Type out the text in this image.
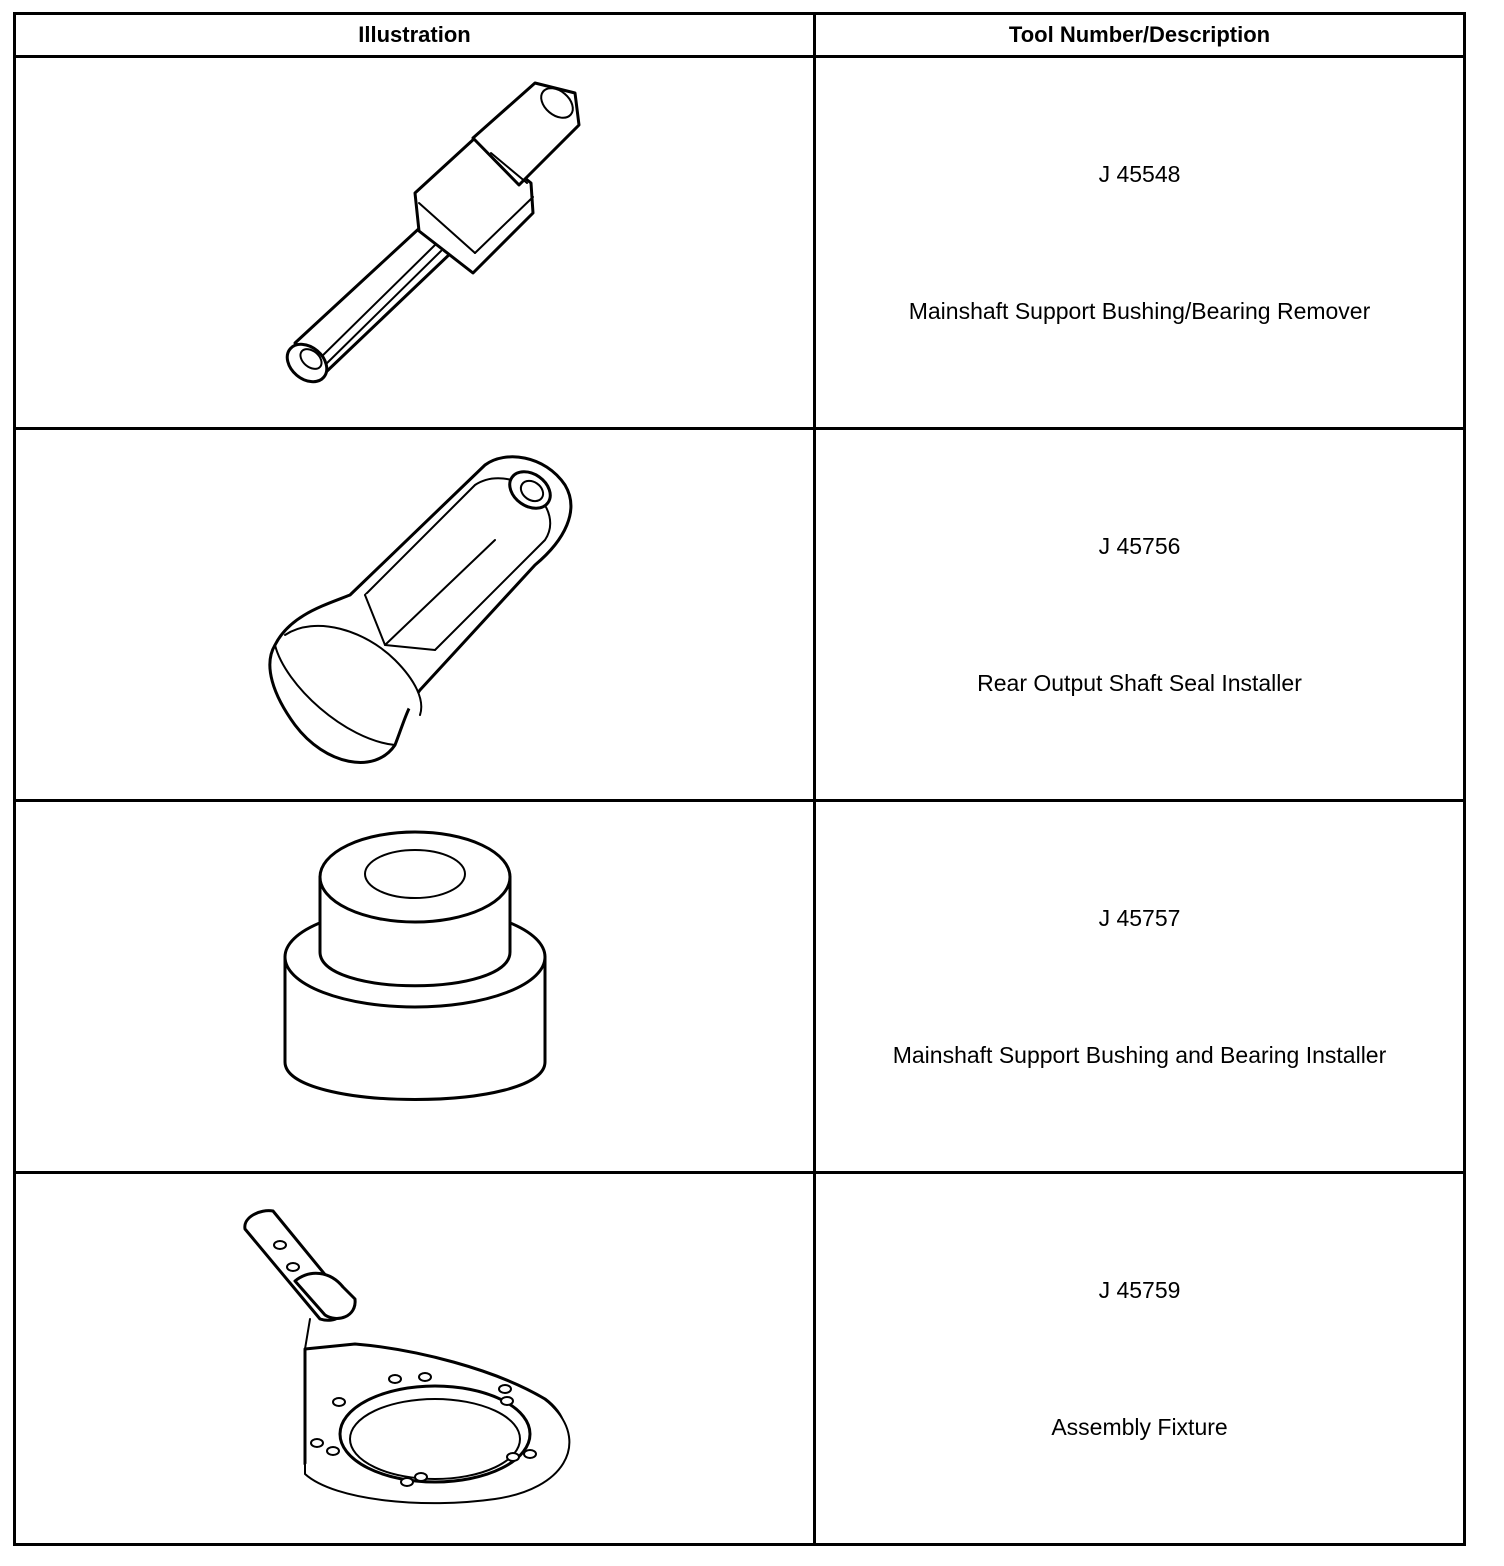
Illustration	Tool Number/Description

J 45548
Mainshaft Support Bushing/Bearing Remover

J 45756
Rear Output Shaft Seal Installer

J 45757
Mainshaft Support Bushing and Bearing Installer

J 45759
Assembly Fixture
